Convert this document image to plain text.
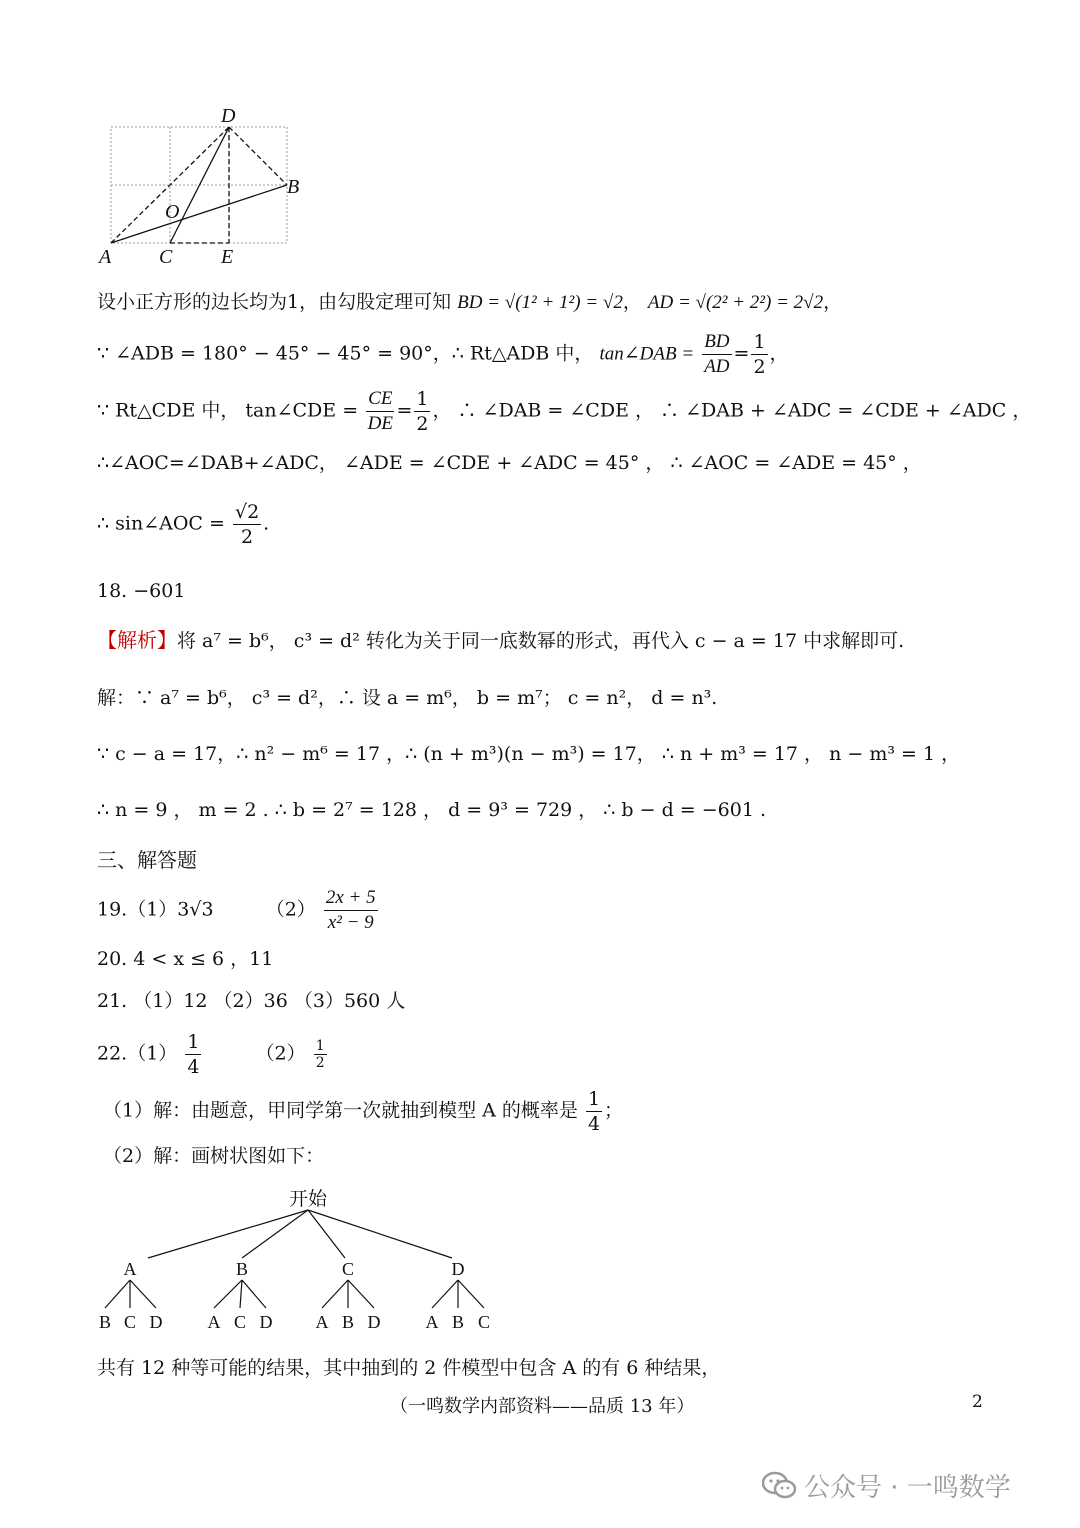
D
B
O
A C E
设小正方形的边长均为1，由勾股定理可知 BD = √(1² + 1²) = √2， AD = √(2² + 2²) = 2√2，
∵ ∠ADB = 180° − 45° − 45° = 90°，∴ Rt△ADB 中， tan∠DAB = $\frac{BD}{AD} = \frac{1}{2}$ ，
∵ Rt△CDE 中， tan∠CDE = $\frac{CE}{DE} = \frac{1}{2}$ ， ∴ ∠DAB = ∠CDE ， ∴ ∠DAB + ∠ADC = ∠CDE + ∠ADC ，
∴∠AOC=∠DAB+∠ADC， ∠ADE = ∠CDE + ∠ADC = 45° ， ∴ ∠AOC = ∠ADE = 45° ，
∴ sin∠AOC = $\frac{√2}{2}$ .
18. −601
【解析】将 a⁷ = b⁶， c³ = d² 转化为关于同一底数幂的形式，再代入 c − a = 17 中求解即可.
解：∵ a⁷ = b⁶， c³ = d²，∴ 设 a = m⁶， b = m⁷； c = n²， d = n³.
∵ c − a = 17，∴ n² − m⁶ = 17 ，∴ (n + m³)(n − m³) = 17， ∴ n + m³ = 17 ， n − m³ = 1 ，
∴ n = 9 ， m = 2 . ∴ b = 2⁷ = 128 ， d = 9³ = 729 ， ∴ b − d = −601 .
三、解答题
19.（1）3√3	$(2) \frac{2x + 5}{\text{x² − 9}}$
20. 4 < x ≤ 6 ，11
21. （1）12 （2）36 （3）560 人
$22.(1) \frac{1}{4}$	$(2) \frac{1}{2}$
（1）解：由题意，甲同学第一次就抽到模型 A 的概率是 $\frac{1}{4}$ ；
（2）解：画树状图如下：
开始
A	B	C	D
B C D	A C D A B D	A B C
共有 12 种等可能的结果，其中抽到的 2 件模型中包含 A 的有 6 种结果，
（一鸣数学内部资料——品质 13 年）	2
公众号 · 一鸣数学
